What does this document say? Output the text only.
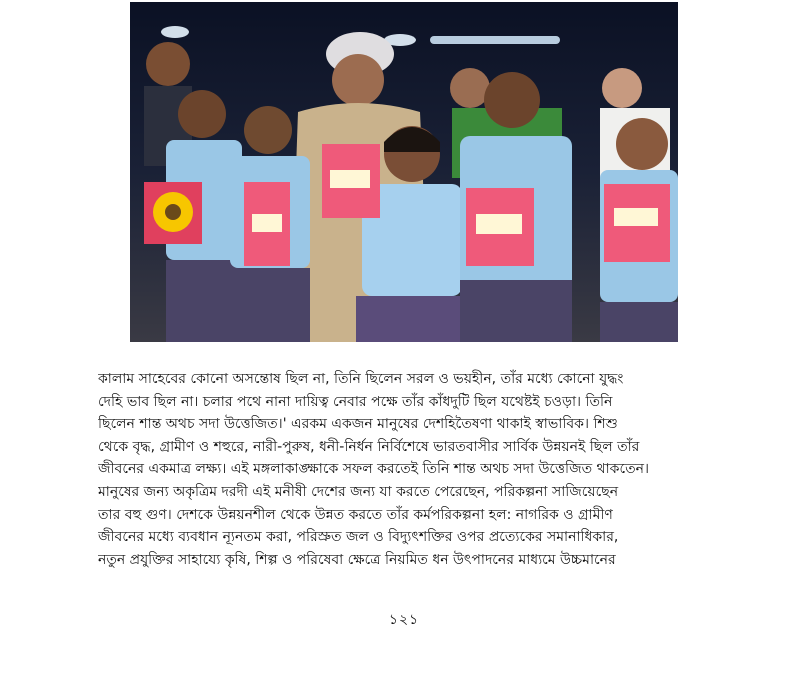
কালাম সাহেবের কোনো অসন্তোষ ছিল না, তিনি ছিলেন সরল ও ভয়হীন, তাঁর মধ্যে কোনো যুদ্ধং
দেহি ভাব ছিল না। চলার পথে নানা দায়িত্ব নেবার পক্ষে তাঁর কাঁধদুটি ছিল যথেষ্টই চওড়া। তিনি
ছিলেন শান্ত অথচ সদা উত্তেজিত।' এরকম একজন মানুষের দেশহিতৈষণা থাকাই স্বাভাবিক। শিশু
থেকে বৃদ্ধ, গ্রামীণ ও শহুরে, নারী-পুরুষ, ধনী-নির্ধন নির্বিশেষে ভারতবাসীর সার্বিক উন্নয়নই ছিল তাঁর
জীবনের একমাত্র লক্ষ্য। এই মঙ্গলাকাঙ্ক্ষাকে সফল করতেই তিনি শান্ত অথচ সদা উত্তেজিত থাকতেন।
মানুষের জন্য অকৃত্রিম দরদী এই মনীষী দেশের জন্য যা করতে পেরেছেন, পরিকল্পনা সাজিয়েছেন
তার বহু গুণ। দেশকে উন্নয়নশীল থেকে উন্নত করতে তাঁর কর্মপরিকল্পনা হল: নাগরিক ও গ্রামীণ
জীবনের মধ্যে ব্যবধান ন্যূনতম করা, পরিস্রুত জল ও বিদ্যুৎশক্তির ওপর প্রত্যেকের সমানাধিকার,
নতুন প্রযুক্তির সাহায্যে কৃষি, শিল্প ও পরিষেবা ক্ষেত্রে নিয়মিত ধন উৎপাদনের মাধ্যমে উচ্চমানের
১২১
